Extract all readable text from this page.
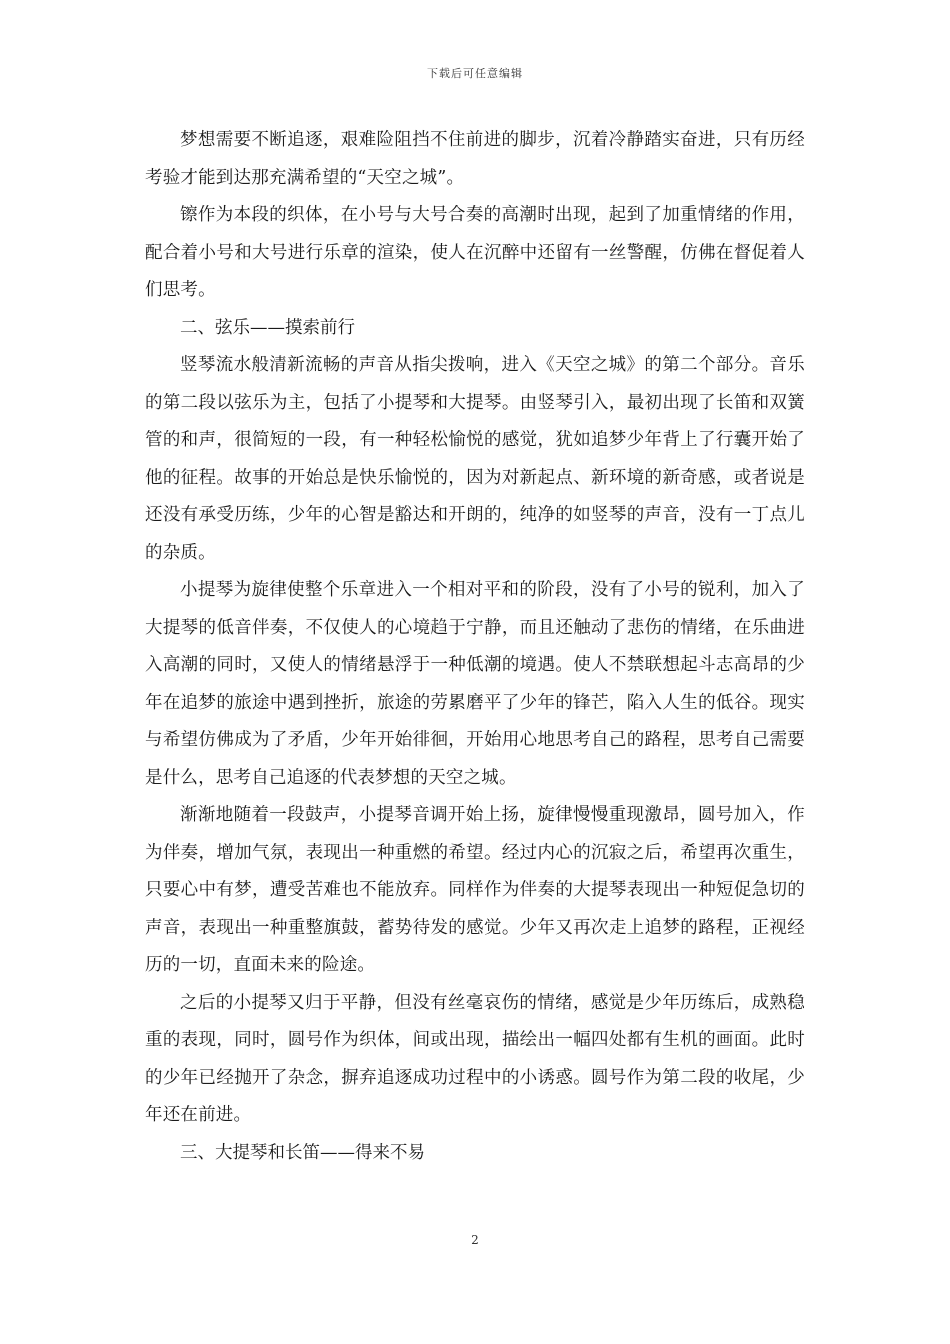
下载后可任意编辑

梦想需要不断追逐，艰难险阻挡不住前进的脚步，沉着冷静踏实奋进，只有历经考验才能到达那充满希望的“天空之城”。

镲作为本段的织体，在小号与大号合奏的高潮时出现，起到了加重情绪的作用，配合着小号和大号进行乐章的渲染，使人在沉醉中还留有一丝警醒，仿佛在督促着人们思考。

二、弦乐——摸索前行

竖琴流水般清新流畅的声音从指尖拨响，进入《天空之城》的第二个部分。音乐的第二段以弦乐为主，包括了小提琴和大提琴。由竖琴引入，最初出现了长笛和双簧管的和声，很简短的一段，有一种轻松愉悦的感觉，犹如追梦少年背上了行囊开始了他的征程。故事的开始总是快乐愉悦的，因为对新起点、新环境的新奇感，或者说是还没有承受历练，少年的心智是豁达和开朗的，纯净的如竖琴的声音，没有一丁点儿的杂质。

小提琴为旋律使整个乐章进入一个相对平和的阶段，没有了小号的锐利，加入了大提琴的低音伴奏，不仅使人的心境趋于宁静，而且还触动了悲伤的情绪，在乐曲进入高潮的同时，又使人的情绪悬浮于一种低潮的境遇。使人不禁联想起斗志高昂的少年在追梦的旅途中遇到挫折，旅途的劳累磨平了少年的锋芒，陷入人生的低谷。现实与希望仿佛成为了矛盾，少年开始徘徊，开始用心地思考自己的路程，思考自己需要是什么，思考自己追逐的代表梦想的天空之城。

渐渐地随着一段鼓声，小提琴音调开始上扬，旋律慢慢重现激昂，圆号加入，作为伴奏，增加气氛，表现出一种重燃的希望。经过内心的沉寂之后，希望再次重生，只要心中有梦，遭受苦难也不能放弃。同样作为伴奏的大提琴表现出一种短促急切的声音，表现出一种重整旗鼓，蓄势待发的感觉。少年又再次走上追梦的路程，正视经历的一切，直面未来的险途。

之后的小提琴又归于平静，但没有丝毫哀伤的情绪，感觉是少年历练后，成熟稳重的表现，同时，圆号作为织体，间或出现，描绘出一幅四处都有生机的画面。此时的少年已经抛开了杂念，摒弃追逐成功过程中的小诱惑。圆号作为第二段的收尾，少年还在前进。

三、大提琴和长笛——得来不易

2
